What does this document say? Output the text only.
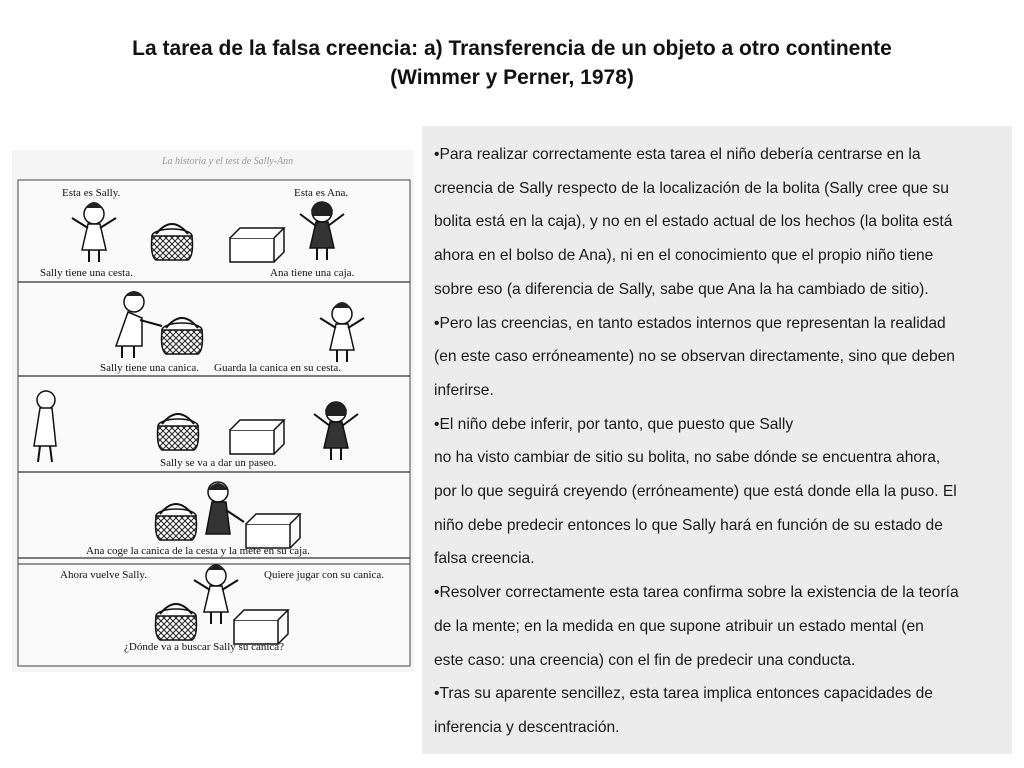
La tarea de la falsa creencia: a) Transferencia de un objeto a otro continente
(Wimmer y Perner, 1978)
La historia y el test de Sally-Ann
Esta es Sally.	Esta es Ana.
Sally tiene una cesta.	Ana tiene una caja.
Sally tiene una canica. Guarda la canica en su cesta.
Sally se va a dar un paseo.
Ana coge la canica de la cesta y la mete en su caja.
Ahora vuelve Sally.	Quiere jugar con su canica.
¿Dónde va a buscar Sally su canica?

•Para realizar correctamente esta tarea el niño debería centrarse en la

creencia de Sally respecto de la localización de la bolita (Sally cree que su

bolita está en la caja), y no en el estado actual de los hechos (la bolita está

ahora en el bolso de Ana), ni en el conocimiento que el propio niño tiene

sobre eso (a diferencia de Sally, sabe que Ana la ha cambiado de sitio).

•Pero las creencias, en tanto estados internos que representan la realidad

(en este caso erróneamente) no se observan directamente, sino que deben

inferirse.

•El niño debe inferir, por tanto, que puesto que Sally

no ha visto cambiar de sitio su bolita, no sabe dónde se encuentra ahora,

por lo que seguirá creyendo (erróneamente) que está donde ella la puso. El

niño debe predecir entonces lo que Sally hará en función de su estado de

falsa creencia.

•Resolver correctamente esta tarea confirma sobre la existencia de la teoría

de la mente; en la medida en que supone atribuir un estado mental (en

este caso: una creencia) con el fin de predecir una conducta.

•Tras su aparente sencillez, esta tarea implica entonces capacidades de

inferencia y descentración.
